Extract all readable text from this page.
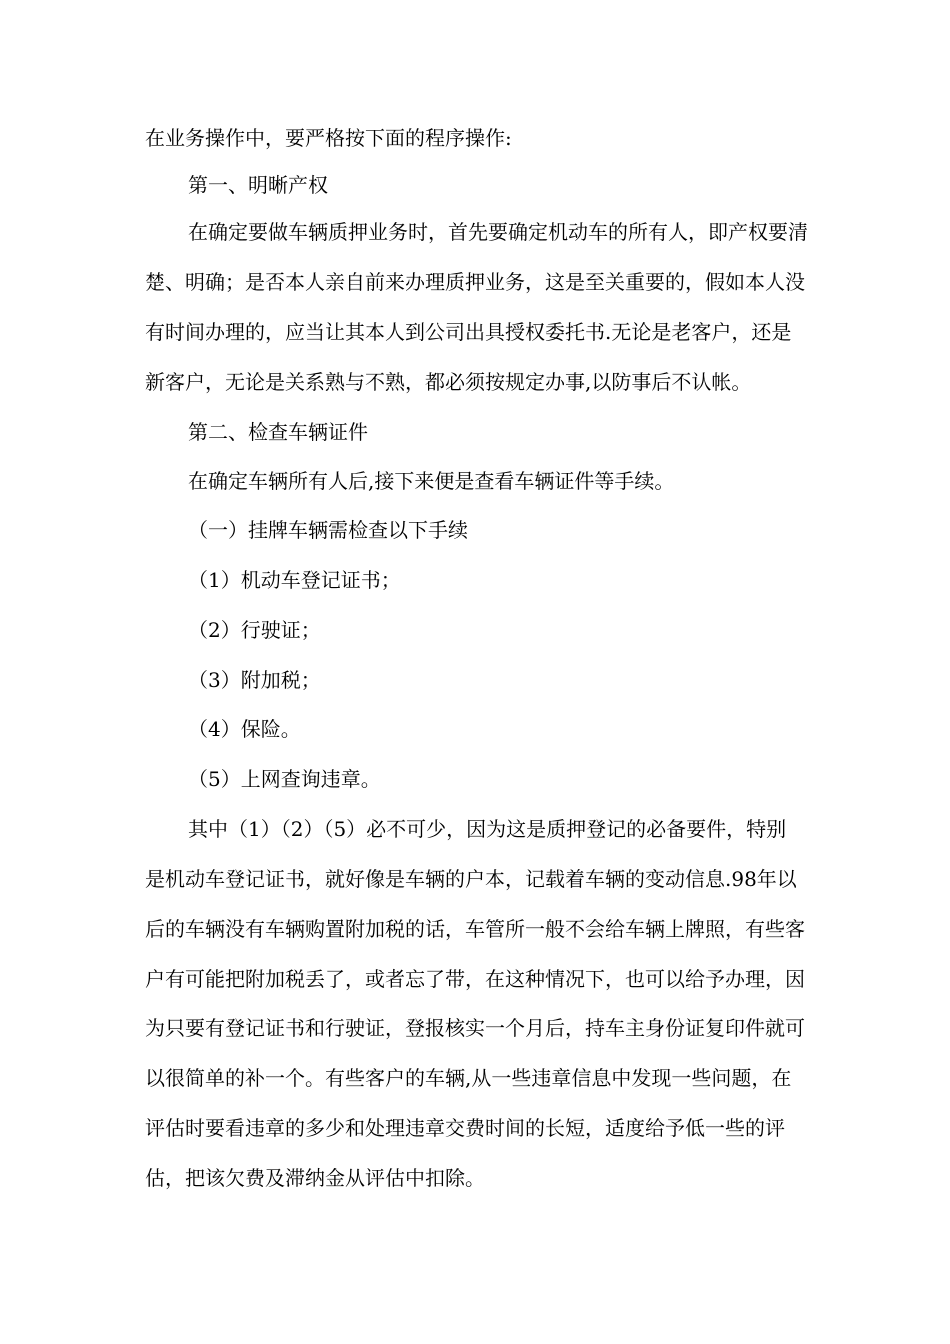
在业务操作中，要严格按下面的程序操作:
第一、明晰产权
在确定要做车辆质押业务时，首先要确定机动车的所有人，即产权要清
楚、明确；是否本人亲自前来办理质押业务，这是至关重要的，假如本人没
有时间办理的，应当让其本人到公司出具授权委托书.无论是老客户，还是
新客户，无论是关系熟与不熟，都必须按规定办事,以防事后不认帐。
第二、检查车辆证件
在确定车辆所有人后,接下来便是查看车辆证件等手续。
（一）挂牌车辆需检查以下手续
（1）机动车登记证书；
（2）行驶证；
（3）附加税；
（4）保险。
（5）上网查询违章。
其中（1）（2）（5）必不可少，因为这是质押登记的必备要件，特别
是机动车登记证书，就好像是车辆的户本，记载着车辆的变动信息.98年以
后的车辆没有车辆购置附加税的话，车管所一般不会给车辆上牌照，有些客
户有可能把附加税丢了，或者忘了带，在这种情况下，也可以给予办理，因
为只要有登记证书和行驶证，登报核实一个月后，持车主身份证复印件就可
以很简单的补一个。有些客户的车辆,从一些违章信息中发现一些问题，在
评估时要看违章的多少和处理违章交费时间的长短，适度给予低一些的评
估，把该欠费及滞纳金从评估中扣除。
